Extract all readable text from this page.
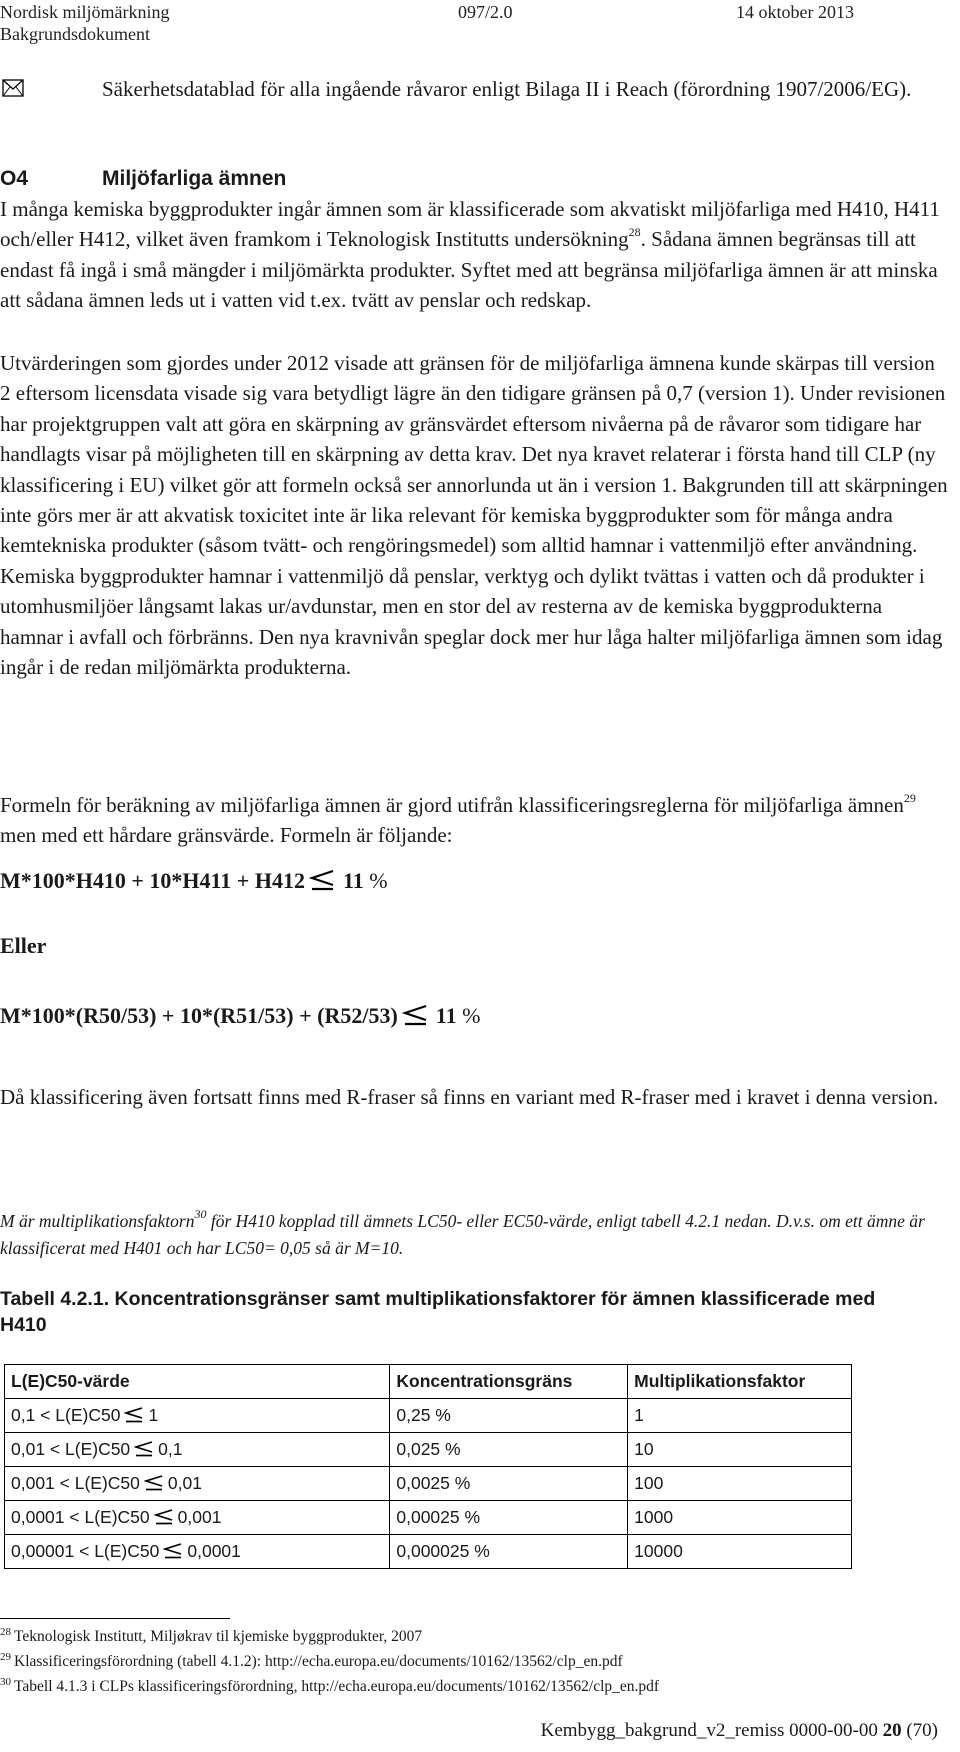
Nordisk miljömärkning
Bakgrundsdokument
097/2.0	14 oktober 2013
Säkerhetsdatablad för alla ingående råvaror enligt Bilaga II i Reach (förordning 1907/2006/EG).
O4	Miljöfarliga ämnen
I många kemiska byggprodukter ingår ämnen som är klassificerade som akvatiskt miljöfarliga med H410, H411 och/eller H412, vilket även framkom i Teknologisk Institutts undersökning$^{28}$. Sådana ämnen begränsas till att endast få ingå i små mängder i miljömärkta produkter. Syftet med att begränsa miljöfarliga ämnen är att minska att sådana ämnen leds ut i vatten vid t.ex. tvätt av penslar och redskap.
Utvärderingen som gjordes under 2012 visade att gränsen för de miljöfarliga ämnena kunde skärpas till version 2 eftersom licensdata visade sig vara betydligt lägre än den tidigare gränsen på 0,7 (version 1). Under revisionen har projektgruppen valt att göra en skärpning av gränsvärdet eftersom nivåerna på de råvaror som tidigare har handlagts visar på möjligheten till en skärpning av detta krav. Det nya kravet relaterar i första hand till CLP (ny klassificering i EU) vilket gör att formeln också ser annorlunda ut än i version 1. Bakgrunden till att skärpningen inte görs mer är att akvatisk toxicitet inte är lika relevant för kemiska byggprodukter som för många andra kemtekniska produkter (såsom tvätt- och rengöringsmedel) som alltid hamnar i vattenmiljö efter användning. Kemiska byggprodukter hamnar i vattenmiljö då penslar, verktyg och dylikt tvättas i vatten och då produkter i utomhusmiljöer långsamt lakas ur/avdunstar, men en stor del av resterna av de kemiska byggprodukterna hamnar i avfall och förbränns. Den nya kravnivån speglar dock mer hur låga halter miljöfarliga ämnen som idag ingår i de redan miljömärkta produkterna.
Formeln för beräkning av miljöfarliga ämnen är gjord utifrån klassificeringsreglerna för miljöfarliga ämnen$^{29}$ men med ett hårdare gränsvärde. Formeln är följande:
M*100*H410 + 10*H411 + H412 11 %
Eller
M*100*(R50/53) + 10*(R51/53) + (R52/53) 11 %
Då klassificering även fortsatt finns med R-fraser så finns en variant med R-fraser med i kravet i denna version.
M är multiplikationsfaktorn$^{30}$ för H410 kopplad till ämnets LC50- eller EC50-värde, enligt tabell 4.2.1 nedan. D.v.s. om ett ämne är klassificerat med H401 och har LC50= 0,05 så är M=10.
Tabell 4.2.1. Koncentrationsgränser samt multiplikationsfaktorer för ämnen klassificerade med H410
L(E)C50-värde	Koncentrationsgräns	Multiplikationsfaktor
0,1 < L(E)C50 1	0,25 %	1
0,01 < L(E)C50 0,1	0,025 %	10
0,001 < L(E)C50 0,01	0,0025 %	100
0,0001 < L(E)C50 0,001	0,00025 %	1000
0,00001 < L(E)C50 0,0001	0,000025 %	10000
$^{28}$ Teknologisk Institutt, Miljøkrav til kjemiske byggprodukter, 2007
$^{29}$ Klassificeringsförordning (tabell 4.1.2): http://echa.europa.eu/documents/10162/13562/clp_en.pdf
$^{30}$ Tabell 4.1.3 i CLPs klassificeringsförordning, http://echa.europa.eu/documents/10162/13562/clp_en.pdf
Kembygg_bakgrund_v2_remiss 0000-00-00 20 (70)
